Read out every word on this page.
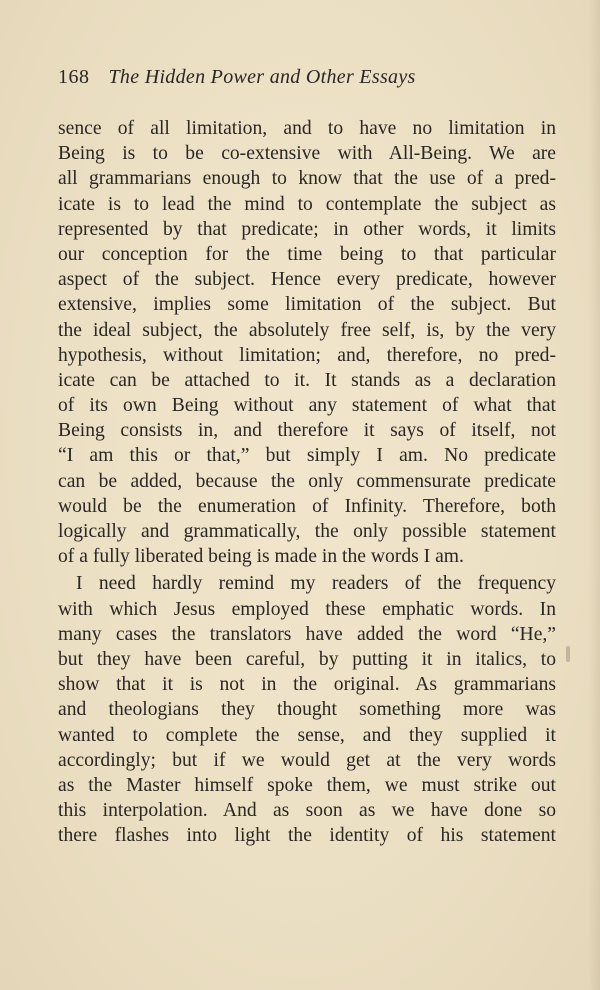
168 The Hidden Power and Other Essays
sence of all limitation, and to have no limitation in
Being is to be co-extensive with All-Being. We are
all grammarians enough to know that the use of a pred-
icate is to lead the mind to contemplate the subject as
represented by that predicate; in other words, it limits
our conception for the time being to that particular
aspect of the subject. Hence every predicate, however
extensive, implies some limitation of the subject. But
the ideal subject, the absolutely free self, is, by the very
hypothesis, without limitation; and, therefore, no pred-
icate can be attached to it. It stands as a declaration
of its own Being without any statement of what that
Being consists in, and therefore it says of itself, not
“I am this or that,” but simply I am. No predicate
can be added, because the only commensurate predicate
would be the enumeration of Infinity. Therefore, both
logically and grammatically, the only possible statement
of a fully liberated being is made in the words I am.
I need hardly remind my readers of the frequency
with which Jesus employed these emphatic words. In
many cases the translators have added the word “He,”
but they have been careful, by putting it in italics, to
show that it is not in the original. As grammarians
and theologians they thought something more was
wanted to complete the sense, and they supplied it
accordingly; but if we would get at the very words
as the Master himself spoke them, we must strike out
this interpolation. And as soon as we have done so
there flashes into light the identity of his statement
